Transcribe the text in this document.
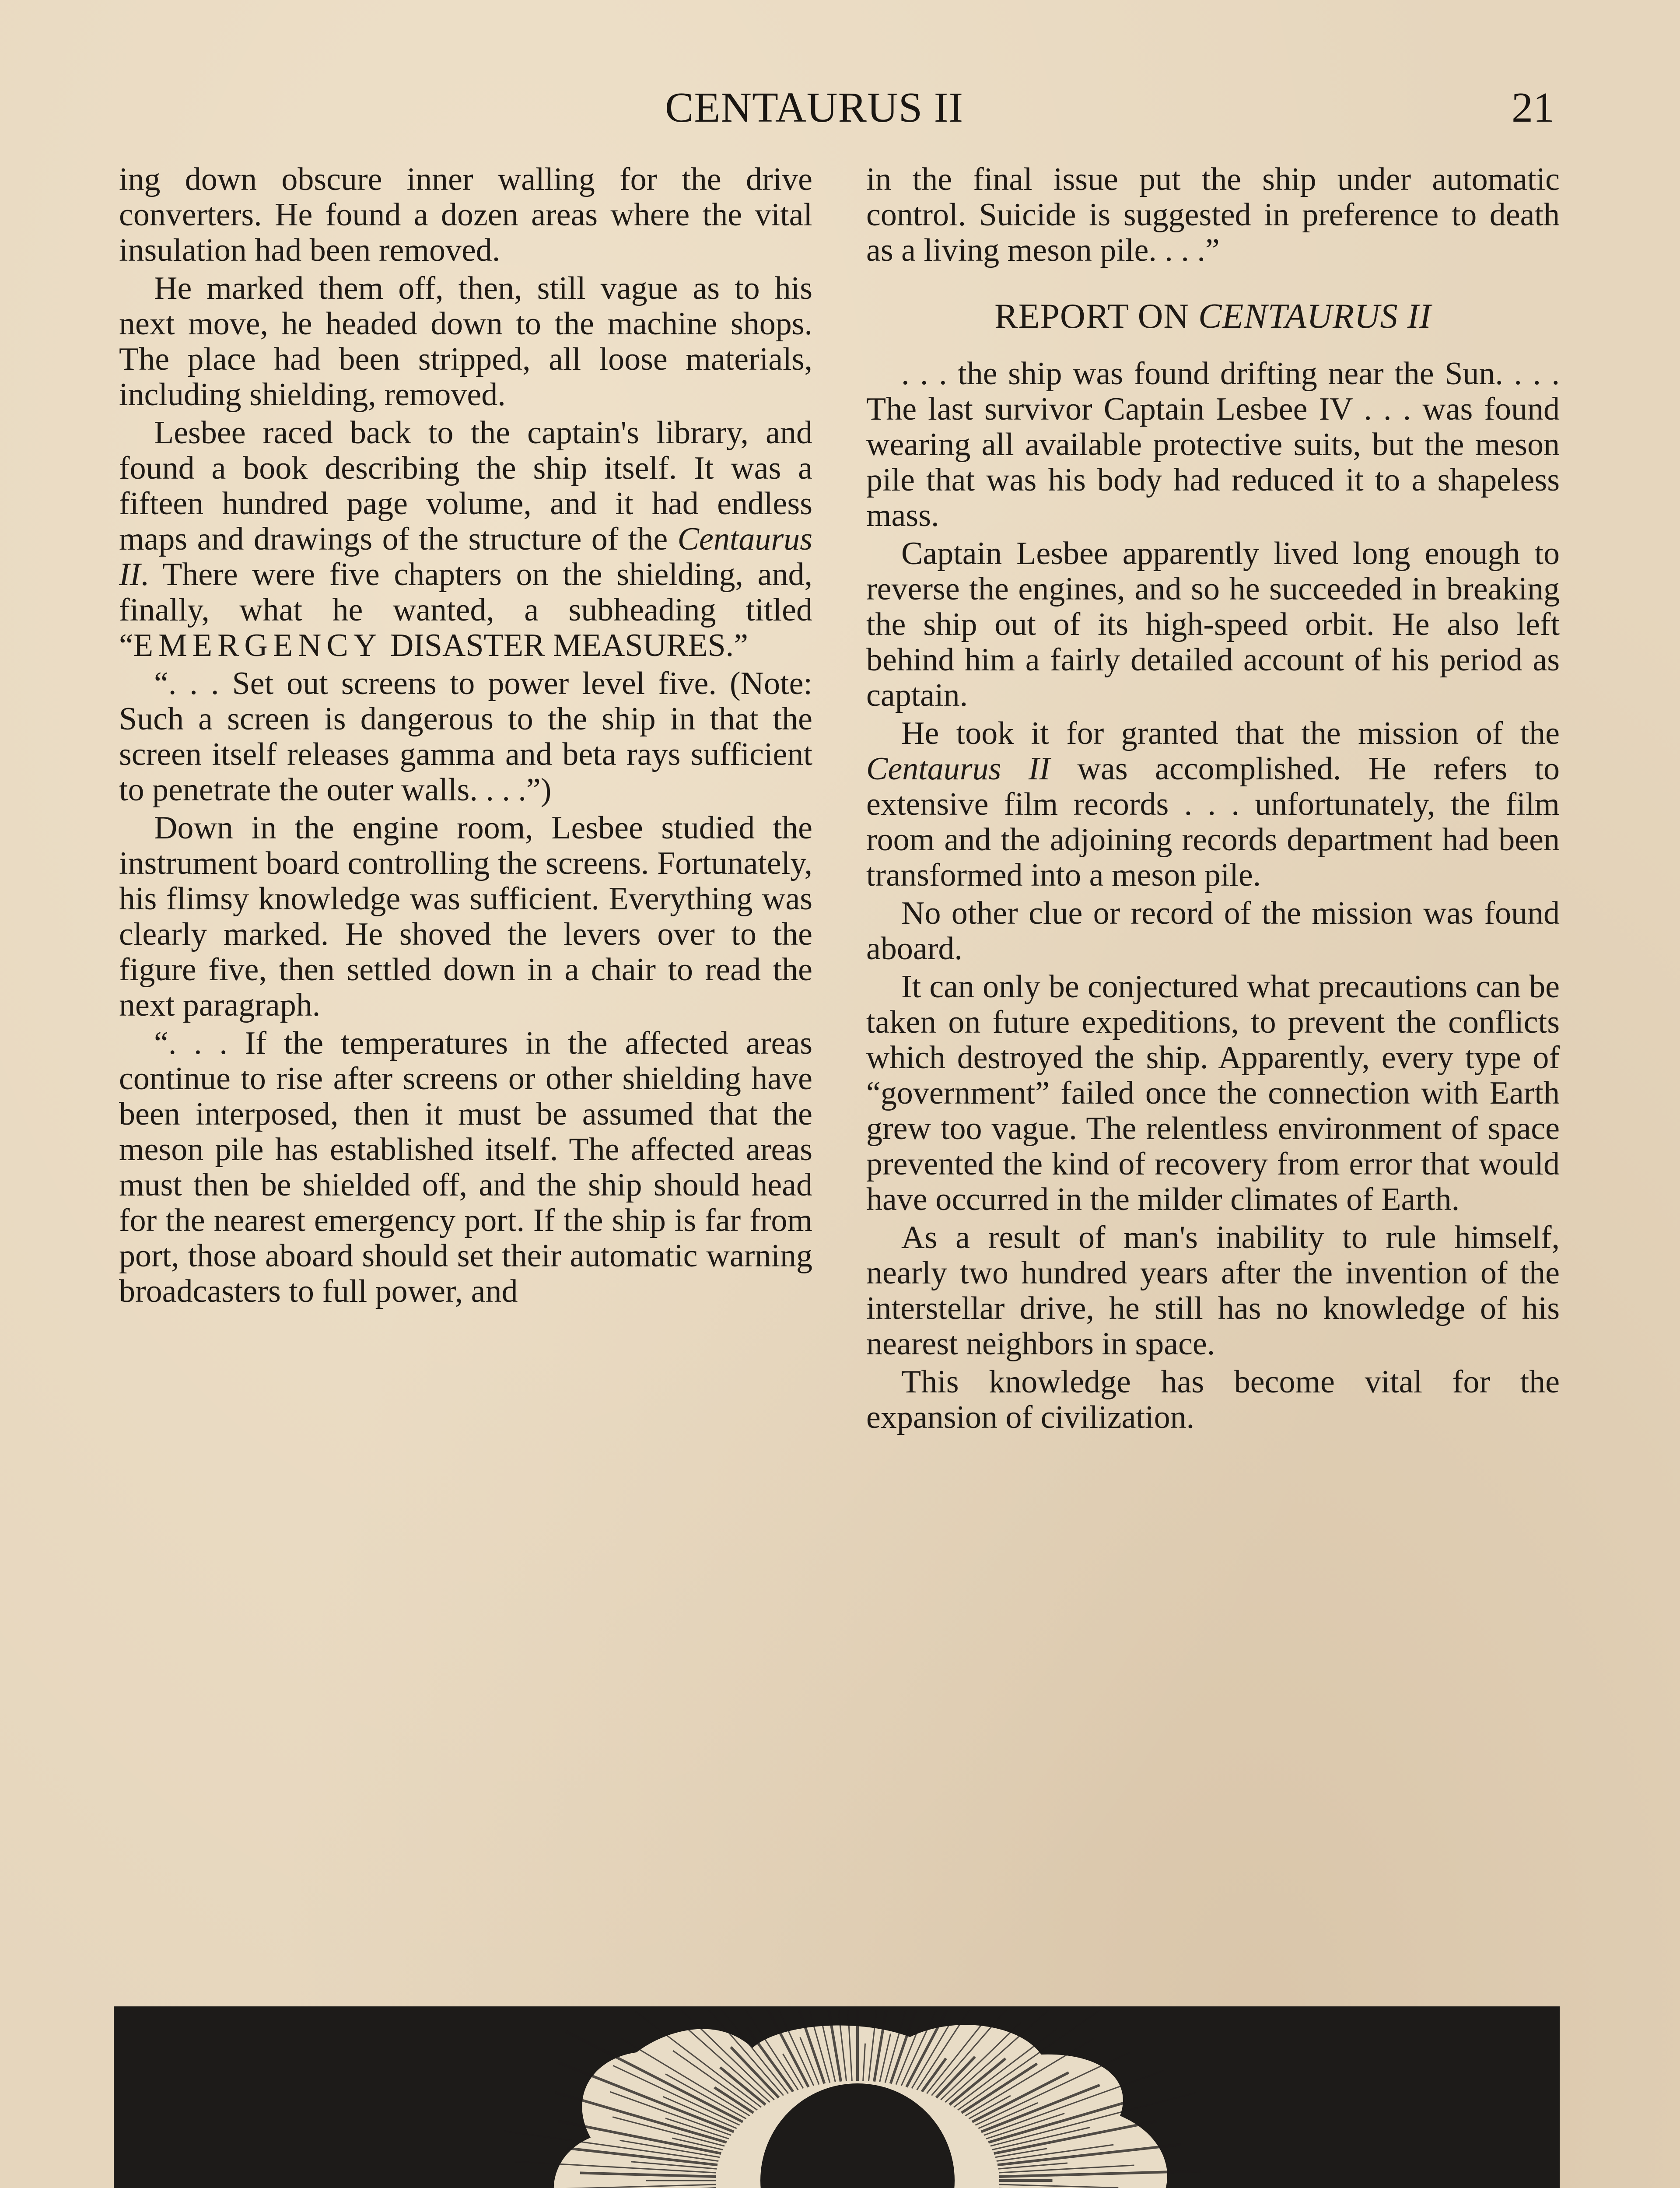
CENTAURUS II	21

ing down obscure inner walling for the drive converters. He found a dozen areas where the vital insulation had been removed.

He marked them off, then, still vague as to his next move, he headed down to the machine shops. The place had been stripped, all loose materials, including shielding, removed.

Lesbee raced back to the captain's library, and found a book describing the ship itself. It was a fifteen hundred page volume, and it had endless maps and drawings of the structure of the Centaurus II. There were five chapters on the shielding, and, finally, what he wanted, a subheading titled “EMERGENCY DISASTER MEASURES.”

“. . . Set out screens to power level five. (Note: Such a screen is dangerous to the ship in that the screen itself releases gamma and beta rays sufficient to penetrate the outer walls. . . .”)

Down in the engine room, Lesbee studied the instrument board controlling the screens. Fortunately, his flimsy knowledge was sufficient. Everything was clearly marked. He shoved the levers over to the figure five, then settled down in a chair to read the next paragraph.

“. . . If the temperatures in the affected areas continue to rise after screens or other shielding have been interposed, then it must be assumed that the meson pile has established itself. The affected areas must then be shielded off, and the ship should head for the nearest emergency port. If the ship is far from port, those aboard should set their automatic warning broadcasters to full power, and

in the final issue put the ship under automatic control. Suicide is suggested in preference to death as a living meson pile. . . .”

REPORT ON CENTAURUS II

. . . the ship was found drifting near the Sun. . . . The last survivor Captain Lesbee IV . . . was found wearing all available protective suits, but the meson pile that was his body had reduced it to a shapeless mass.

Captain Lesbee apparently lived long enough to reverse the engines, and so he succeeded in breaking the ship out of its high-speed orbit. He also left behind him a fairly detailed account of his period as captain.

He took it for granted that the mission of the Centaurus II was accomplished. He refers to extensive film records . . . unfortunately, the film room and the adjoining records department had been transformed into a meson pile.

No other clue or record of the mission was found aboard.

It can only be conjectured what precautions can be taken on future expeditions, to prevent the conflicts which destroyed the ship. Apparently, every type of “government” failed once the connection with Earth grew too vague. The relentless environment of space prevented the kind of recovery from error that would have occurred in the milder climates of Earth.

As a result of man's inability to rule himself, nearly two hundred years after the invention of the interstellar drive, he still has no knowledge of his nearest neighbors in space.

This knowledge has become vital for the expansion of civilization.
